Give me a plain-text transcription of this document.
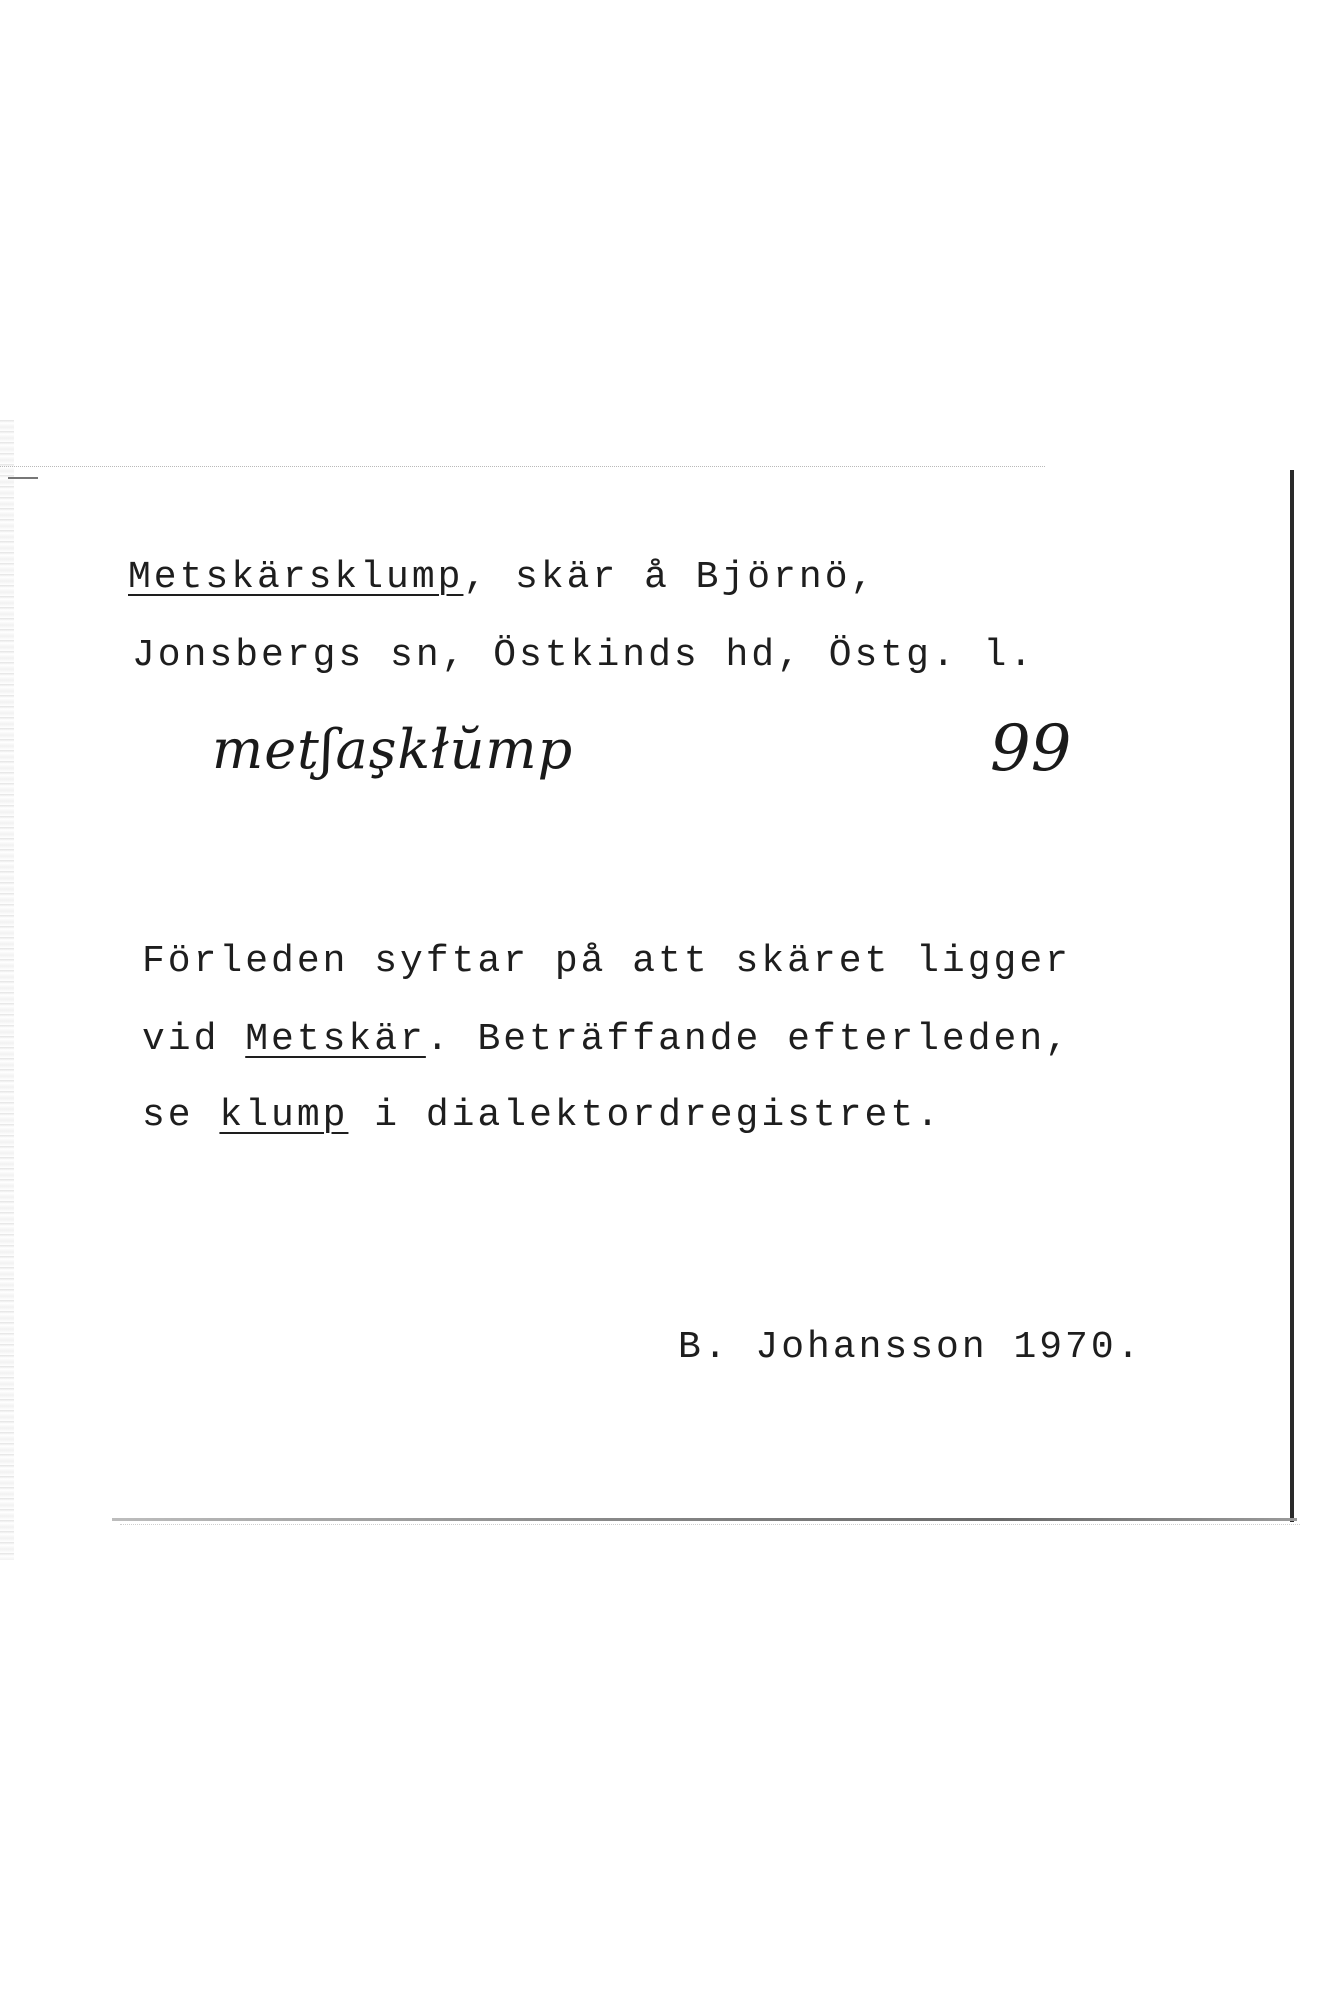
Metskärsklump, skär å Björnö,

Jonsbergs sn, Östkinds hd, Östg. l.

metʃaşkłŭmp	99

Förleden syftar på att skäret ligger

vid Metskär. Beträffande efterleden,

se klump i dialektordregistret.

B. Johansson 1970.
